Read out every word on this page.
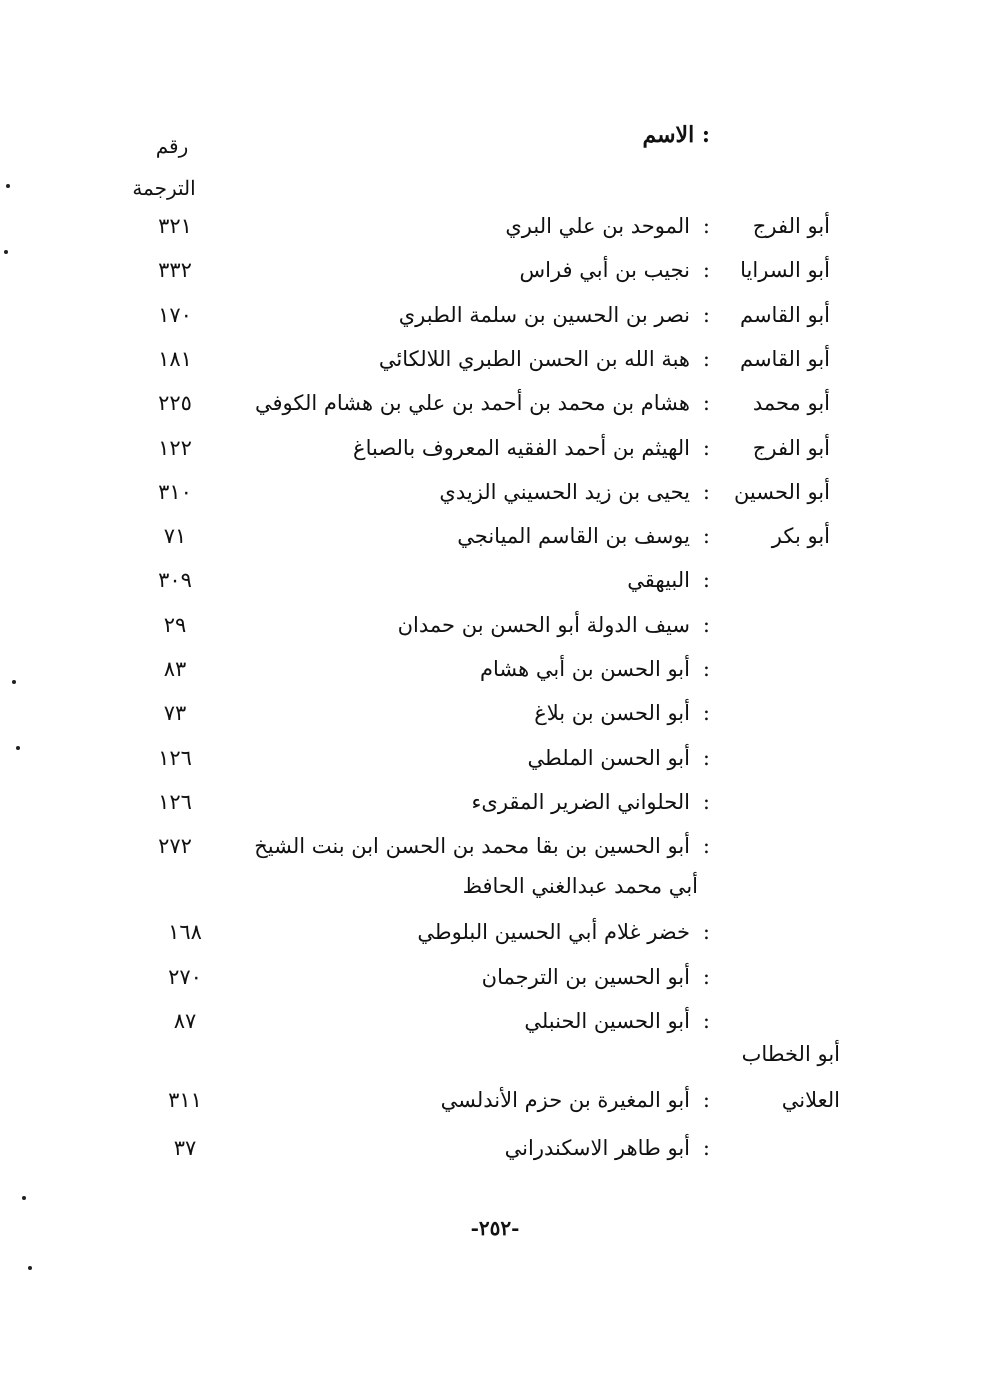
: الاسم
رقم
الترجمة
أبو الفرج
:
الموحد بن علي البري
٣٢١
أبو السرايا
:
نجيب بن أبي فراس
٣٣٢
أبو القاسم
:
نصر بن الحسين بن سلمة الطبري
١٧٠
أبو القاسم
:
هبة الله بن الحسن الطبري اللالكائي
١٨١
أبو محمد
:
هشام بن محمد بن أحمد بن علي بن هشام الكوفي
٢٢٥
أبو الفرج
:
الهيثم بن أحمد الفقيه المعروف بالصباغ
١٢٢
أبو الحسين
:
يحيى بن زيد الحسيني الزيدي
٣١٠
أبو بكر
:
يوسف بن القاسم الميانجي
٧١
:
البيهقي
٣٠٩
:
سيف الدولة أبو الحسن بن حمدان
٢٩
:
أبو الحسن بن أبي هشام
٨٣
:
أبو الحسن بن بلاغ
٧٣
:
أبو الحسن الملطي
١٢٦
:
الحلواني الضرير المقرىء
١٢٦
:
أبو الحسين بن بقا محمد بن الحسن ابن بنت الشيخ
٢٧٢
أبي محمد عبدالغني الحافظ
:
خضر غلام أبي الحسين البلوطي
١٦٨
:
أبو الحسين بن الترجمان
٢٧٠
:
أبو الحسين الحنبلي
٨٧
أبو الخطاب
العلاني
:
أبو المغيرة بن حزم الأندلسي
٣١١
:
أبو طاهر الاسكندراني
٣٧
-٢٥٢-
